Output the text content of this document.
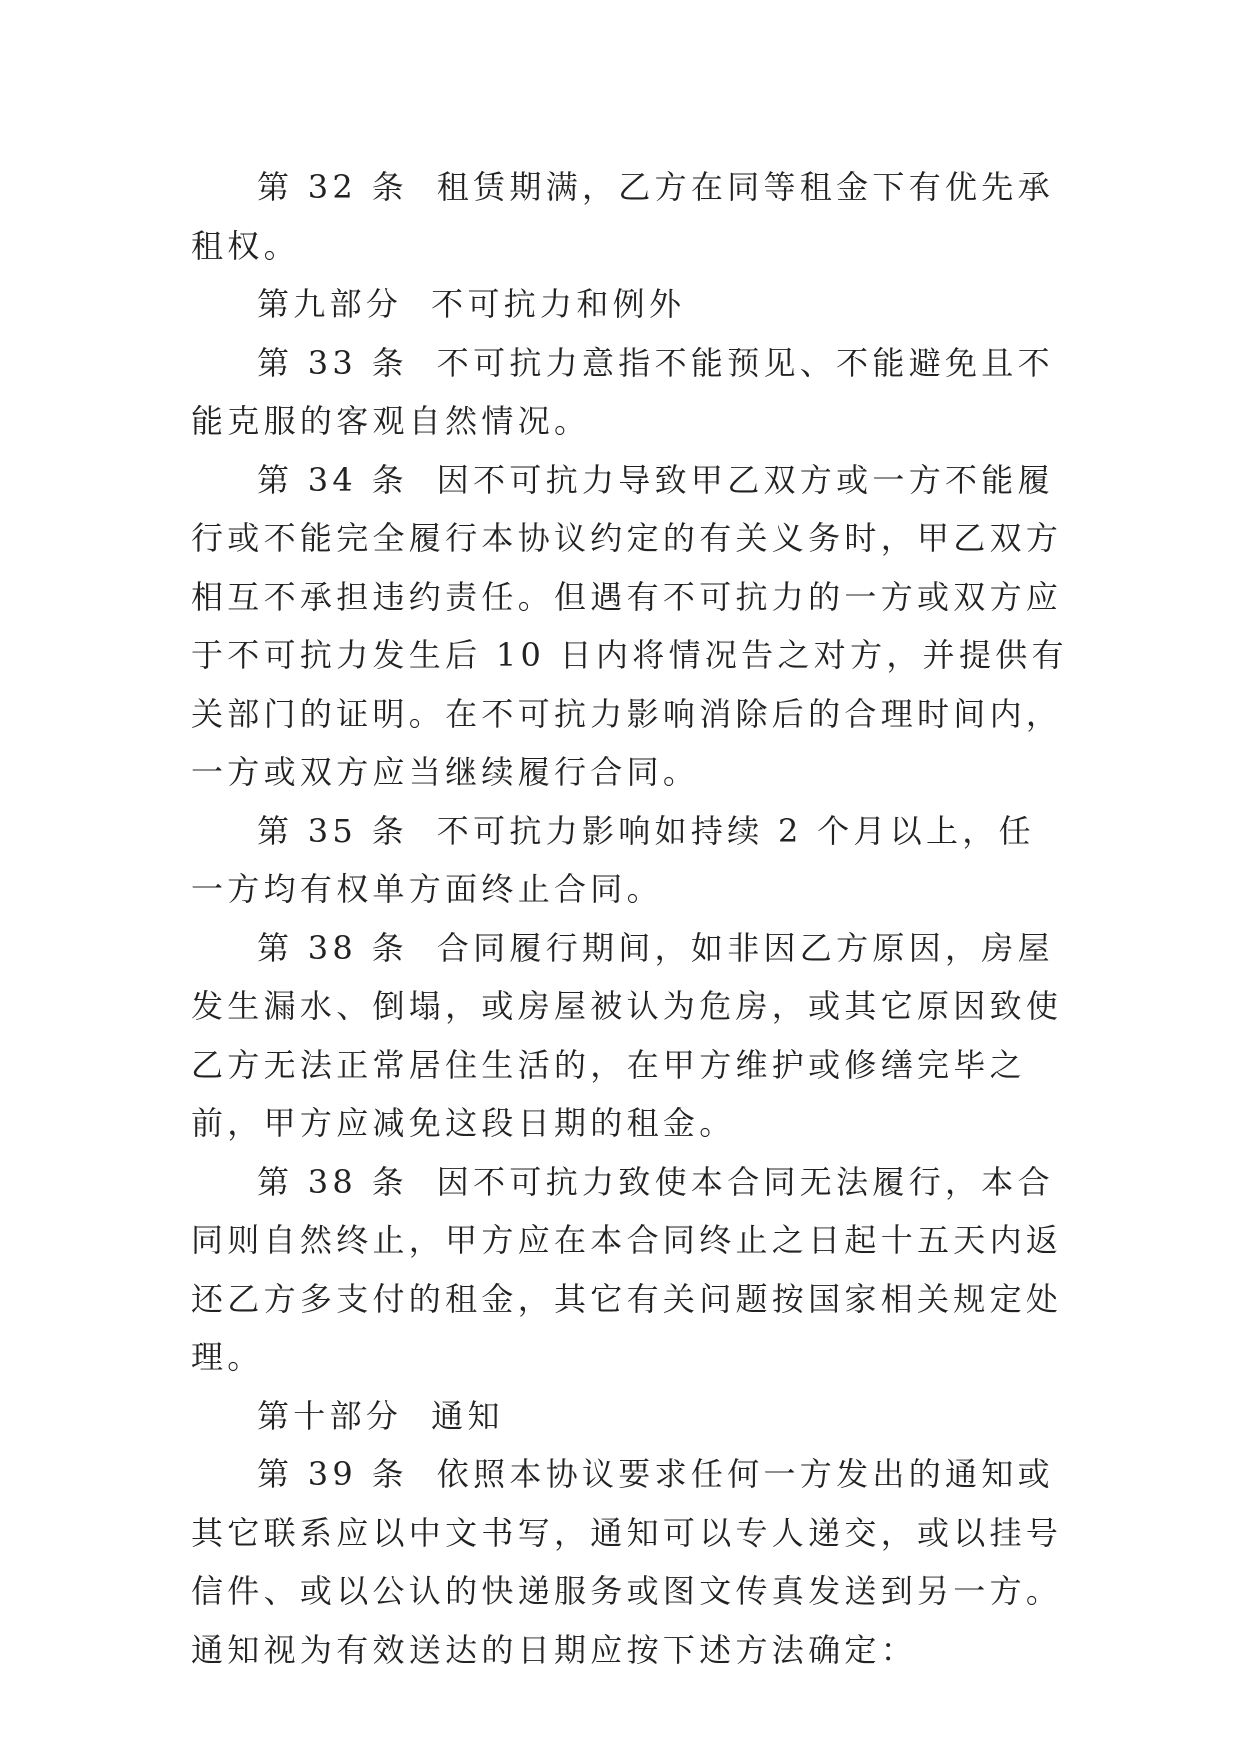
第 32 条  租赁期满，乙方在同等租金下有优先承租权。

第九部分  不可抗力和例外

第 33 条  不可抗力意指不能预见、不能避免且不能克服的客观自然情况。

第 34 条  因不可抗力导致甲乙双方或一方不能履行或不能完全履行本协议约定的有关义务时，甲乙双方相互不承担违约责任。但遇有不可抗力的一方或双方应于不可抗力发生后 10 日内将情况告之对方，并提供有关部门的证明。在不可抗力影响消除后的合理时间内，一方或双方应当继续履行合同。

第 35 条  不可抗力影响如持续 2 个月以上，任一方均有权单方面终止合同。

第 38 条  合同履行期间，如非因乙方原因，房屋发生漏水、倒塌，或房屋被认为危房，或其它原因致使乙方无法正常居住生活的，在甲方维护或修缮完毕之前，甲方应减免这段日期的租金。

第 38 条  因不可抗力致使本合同无法履行，本合同则自然终止，甲方应在本合同终止之日起十五天内返还乙方多支付的租金，其它有关问题按国家相关规定处理。

第十部分  通知

第 39 条  依照本协议要求任何一方发出的通知或其它联系应以中文书写，通知可以专人递交，或以挂号信件、或以公认的快递服务或图文传真发送到另一方。通知视为有效送达的日期应按下述方法确定：
